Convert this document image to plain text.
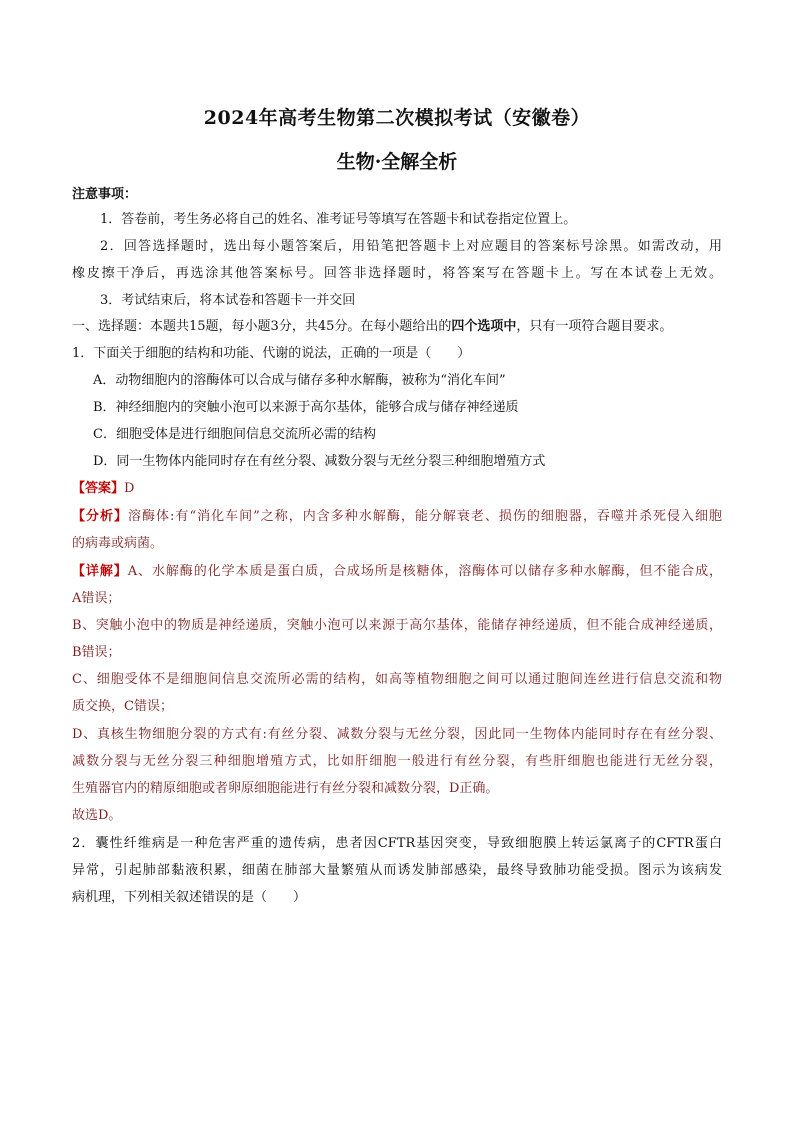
2024年高考生物第二次模拟考试（安徽卷）
生物·全解全析
注意事项：
1．答卷前，考生务必将自己的姓名、准考证号等填写在答题卡和试卷指定位置上。
2．回答选择题时，选出每小题答案后，用铅笔把答题卡上对应题目的答案标号涂黑。如需改动，用
橡皮擦干净后，再选涂其他答案标号。回答非选择题时，将答案写在答题卡上。写在本试卷上无效。
3．考试结束后，将本试卷和答题卡一并交回
一、选择题：本题共15题，每小题3分，共45分。在每小题给出的四个选项中，只有一项符合题目要求。
1．下面关于细胞的结构和功能、代谢的说法，正确的一项是（　　）
A．动物细胞内的溶酶体可以合成与储存多种水解酶，被称为“消化车间”
B．神经细胞内的突触小泡可以来源于高尔基体，能够合成与储存神经递质
C．细胞受体是进行细胞间信息交流所必需的结构
D．同一生物体内能同时存在有丝分裂、减数分裂与无丝分裂三种细胞增殖方式
【答案】D
【分析】溶酶体:有“消化车间”之称，内含多种水解酶，能分解衰老、损伤的细胞器，吞噬并杀死侵入细胞
的病毒或病菌。
【详解】A、水解酶的化学本质是蛋白质，合成场所是核糖体，溶酶体可以储存多种水解酶，但不能合成，
A错误；
B、突触小泡中的物质是神经递质，突触小泡可以来源于高尔基体，能储存神经递质，但不能合成神经递质，
B错误；
C、细胞受体不是细胞间信息交流所必需的结构，如高等植物细胞之间可以通过胞间连丝进行信息交流和物
质交换，C错误；
D、真核生物细胞分裂的方式有:有丝分裂、减数分裂与无丝分裂，因此同一生物体内能同时存在有丝分裂、
减数分裂与无丝分裂三种细胞增殖方式，比如肝细胞一般进行有丝分裂，有些肝细胞也能进行无丝分裂，
生殖器官内的精原细胞或者卵原细胞能进行有丝分裂和减数分裂，D正确。
故选D。
2．囊性纤维病是一种危害严重的遗传病，患者因CFTR基因突变，导致细胞膜上转运氯离子的CFTR蛋白
异常，引起肺部黏液积累，细菌在肺部大量繁殖从而诱发肺部感染，最终导致肺功能受损。图示为该病发
病机理，下列相关叙述错误的是（　　）
